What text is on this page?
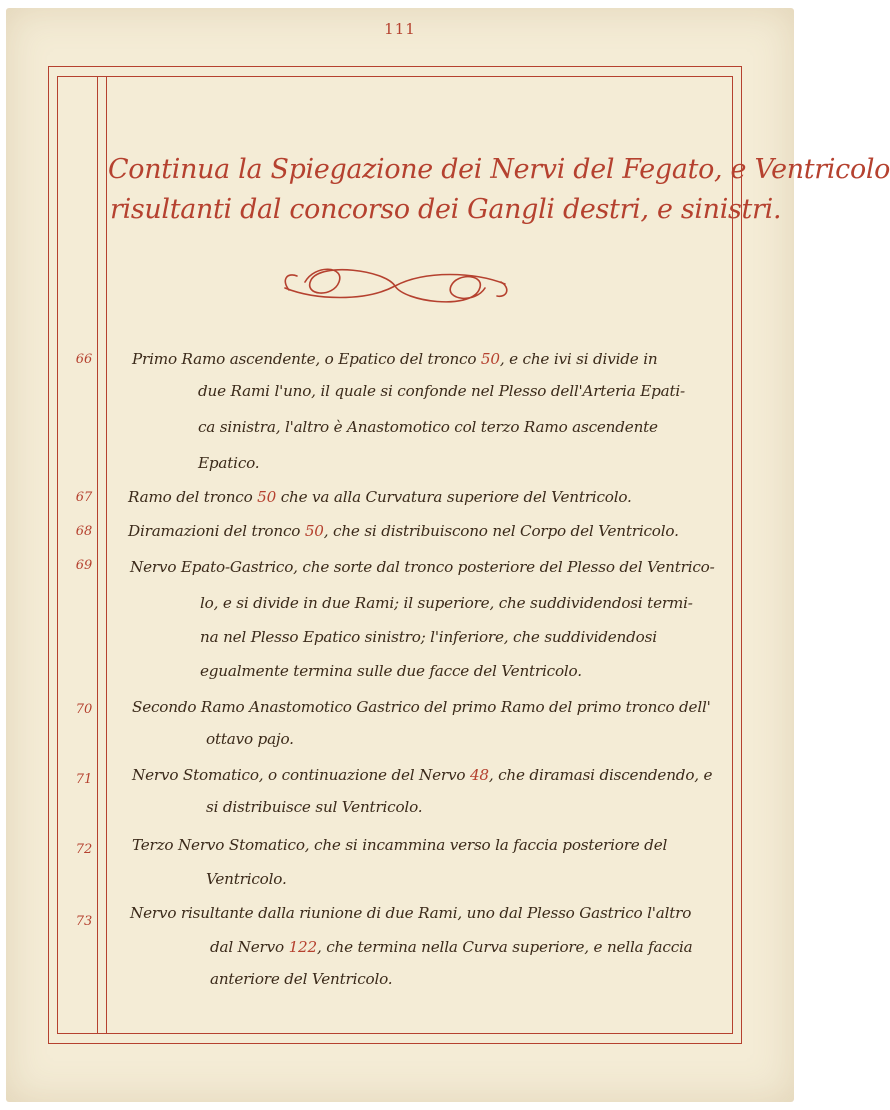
111
Continua la Spiegazione dei Nervi del Fegato, e Ventricolo
risultanti dal concorso dei Gangli destri, e sinistri.
66	Primo Ramo ascendente, o Epatico del tronco 50, e che ivi si divide in
due Rami l'uno, il quale si confonde nel Plesso dell'Arteria Epati-
ca sinistra, l'altro è Anastomotico col terzo Ramo ascendente
Epatico.
67	Ramo del tronco 50 che va alla Curvatura superiore del Ventricolo.
68	Diramazioni del tronco 50, che si distribuiscono nel Corpo del Ventricolo.
69	Nervo Epato-Gastrico, che sorte dal tronco posteriore del Plesso del Ventrico-
lo, e si divide in due Rami; il superiore, che suddividendosi termi-
na nel Plesso Epatico sinistro; l'inferiore, che suddividendosi
egualmente termina sulle due facce del Ventricolo.
70	Secondo Ramo Anastomotico Gastrico del primo Ramo del primo tronco dell'
ottavo pajo.
71	Nervo Stomatico, o continuazione del Nervo 48, che diramasi discendendo, e
si distribuisce sul Ventricolo.
72	Terzo Nervo Stomatico, che si incammina verso la faccia posteriore del
Ventricolo.
73	Nervo risultante dalla riunione di due Rami, uno dal Plesso Gastrico l'altro
dal Nervo 122, che termina nella Curva superiore, e nella faccia
anteriore del Ventricolo.
